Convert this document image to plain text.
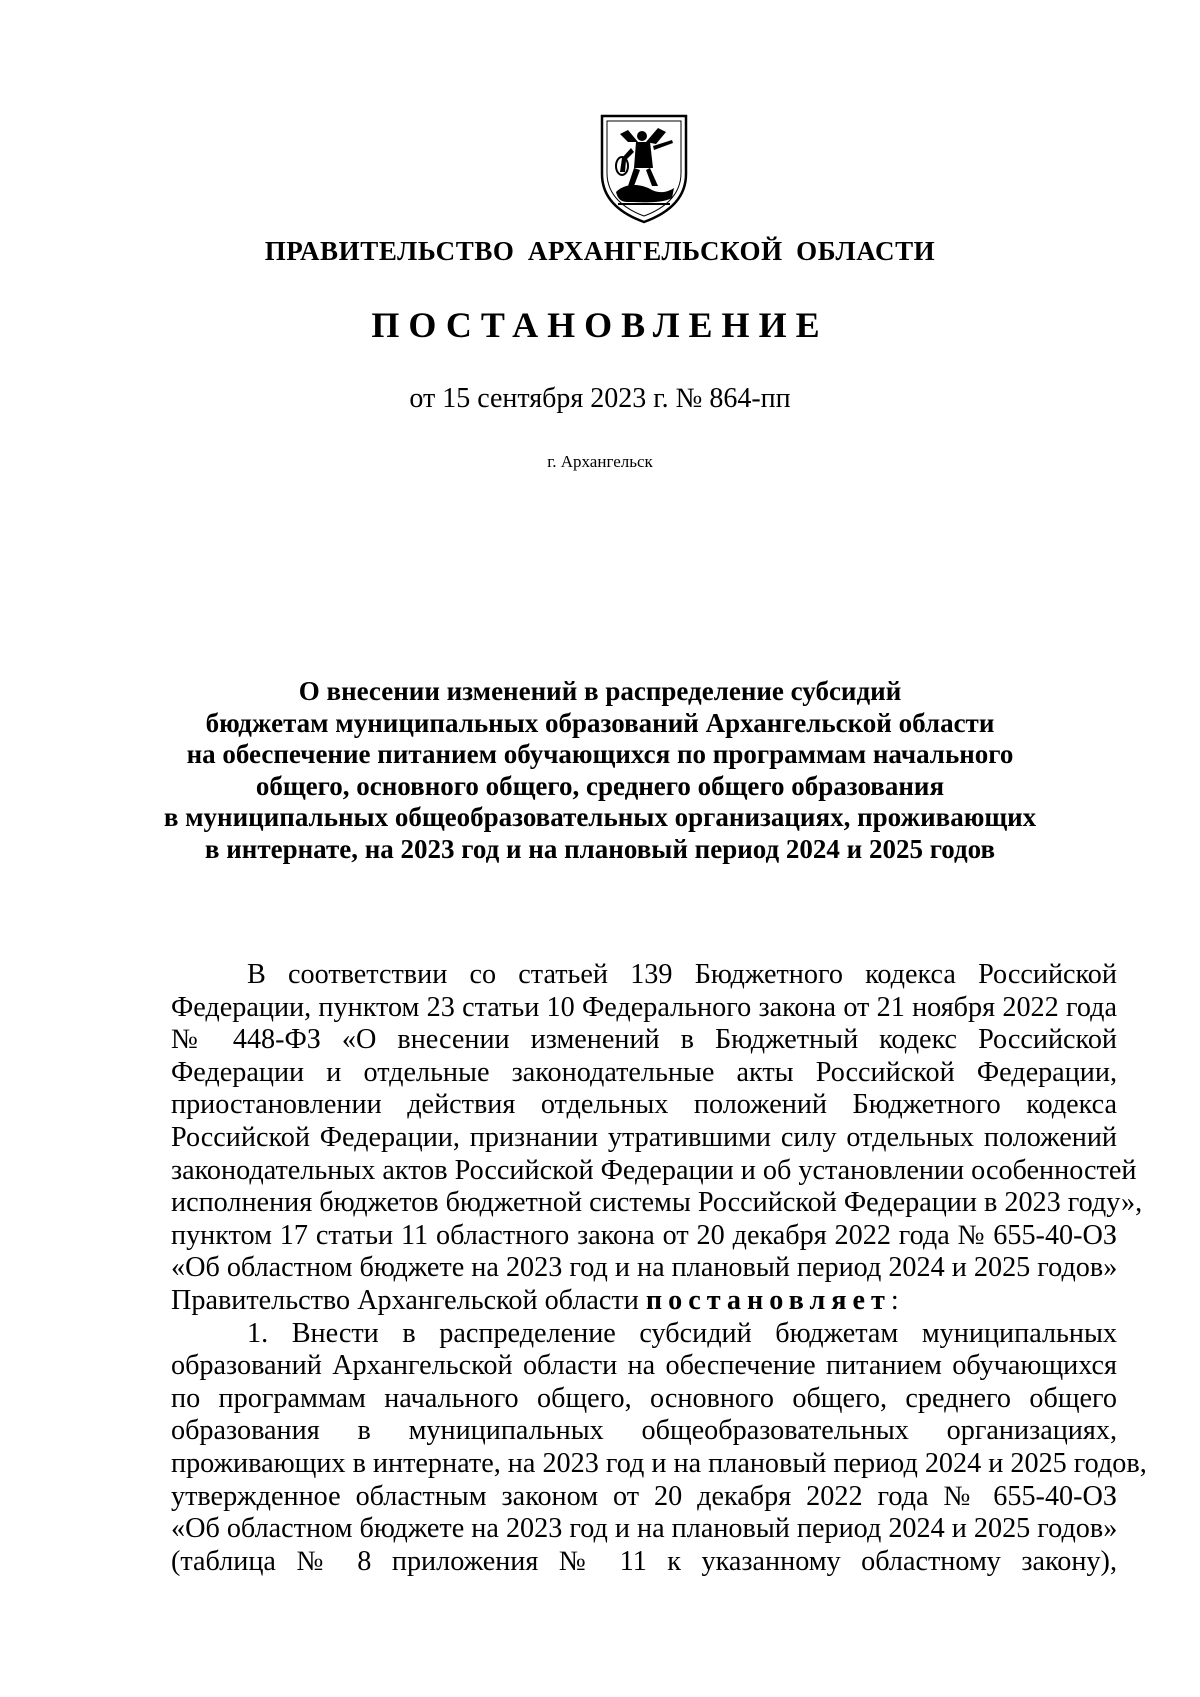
ПРАВИТЕЛЬСТВО АРХАНГЕЛЬСКОЙ ОБЛАСТИ
ПОСТАНОВЛЕНИЕ
от 15 сентября 2023 г. № 864-пп
г. Архангельск
О внесении изменений в распределение субсидий
бюджетам муниципальных образований Архангельской области
на обеспечение питанием обучающихся по программам начального
общего, основного общего, среднего общего образования
в муниципальных общеобразовательных организациях, проживающих
в интернате, на 2023 год и на плановый период 2024 и 2025 годов
В соответствии со статьей 139 Бюджетного кодекса Российской
Федерации, пунктом 23 статьи 10 Федерального закона от 21 ноября 2022 года
№ 448-ФЗ «О внесении изменений в Бюджетный кодекс Российской
Федерации и отдельные законодательные акты Российской Федерации,
приостановлении действия отдельных положений Бюджетного кодекса
Российской Федерации, признании утратившими силу отдельных положений
законодательных актов Российской Федерации и об установлении особенностей
исполнения бюджетов бюджетной системы Российской Федерации в 2023 году»,
пунктом 17 статьи 11 областного закона от 20 декабря 2022 года № 655-40-ОЗ
«Об областном бюджете на 2023 год и на плановый период 2024 и 2025 годов»
Правительство Архангельской области постановляет:
1. Внести в распределение субсидий бюджетам муниципальных
образований Архангельской области на обеспечение питанием обучающихся
по программам начального общего, основного общего, среднего общего
образования в муниципальных общеобразовательных организациях,
проживающих в интернате, на 2023 год и на плановый период 2024 и 2025 годов,
утвержденное областным законом от 20 декабря 2022 года № 655-40-ОЗ
«Об областном бюджете на 2023 год и на плановый период 2024 и 2025 годов»
(таблица № 8 приложения № 11 к указанному областному закону),
